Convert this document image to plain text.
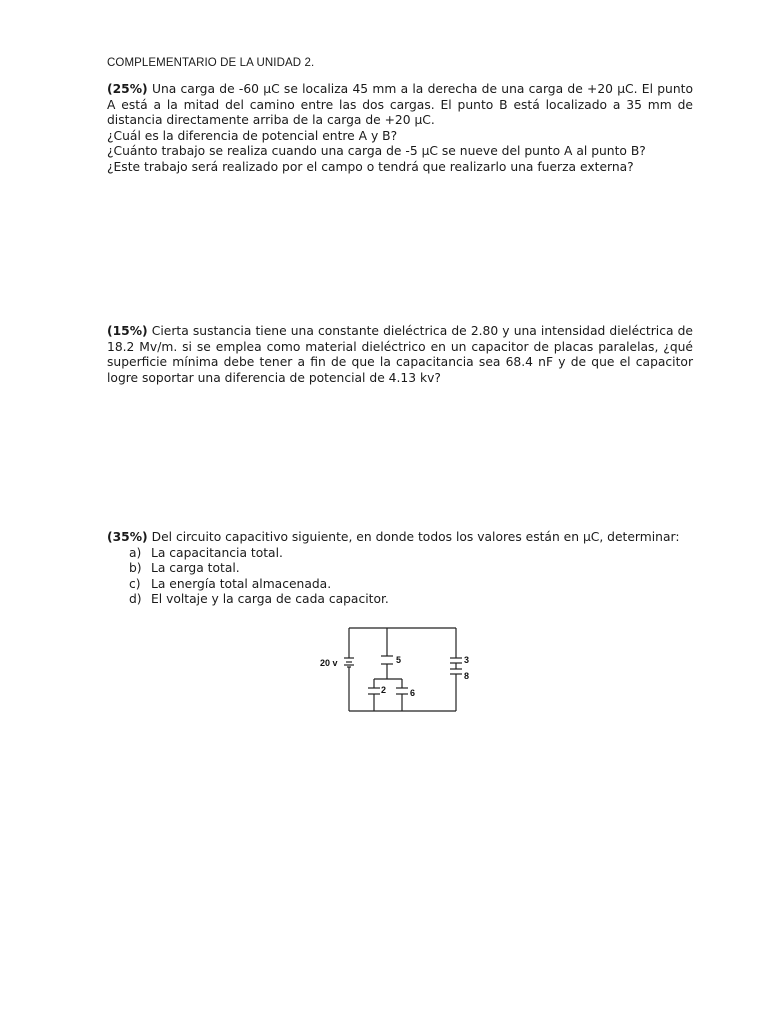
COMPLEMENTARIO DE LA UNIDAD 2.

(25%) Una carga de -60 μC se localiza 45 mm a la derecha de una carga de +20 μC. El punto A está a la mitad del camino entre las dos cargas. El punto B está localizado a 35 mm de distancia directamente arriba de la carga de +20 μC.

¿Cuál es la diferencia de potencial entre A y B?

¿Cuánto trabajo se realiza cuando una carga de -5 μC se nueve del punto A al punto B?

¿Este trabajo será realizado por el campo o tendrá que realizarlo una fuerza externa?

(15%) Cierta sustancia tiene una constante dieléctrica de 2.80 y una intensidad dieléctrica de 18.2 Mv/m. si se emplea como material dieléctrico en un capacitor de placas paralelas, ¿qué superficie mínima debe tener a fin de que la capacitancia sea 68.4 nF y de que el capacitor logre soportar una diferencia de potencial de 4.13 kv?

(35%) Del circuito capacitivo siguiente, en donde todos los valores están en μC, determinar:

a) La capacitancia total.
b) La carga total.
c) La energía total almacenada.
d) El voltaje y la carga de cada capacitor.
20 v	5
2	6
3
8
